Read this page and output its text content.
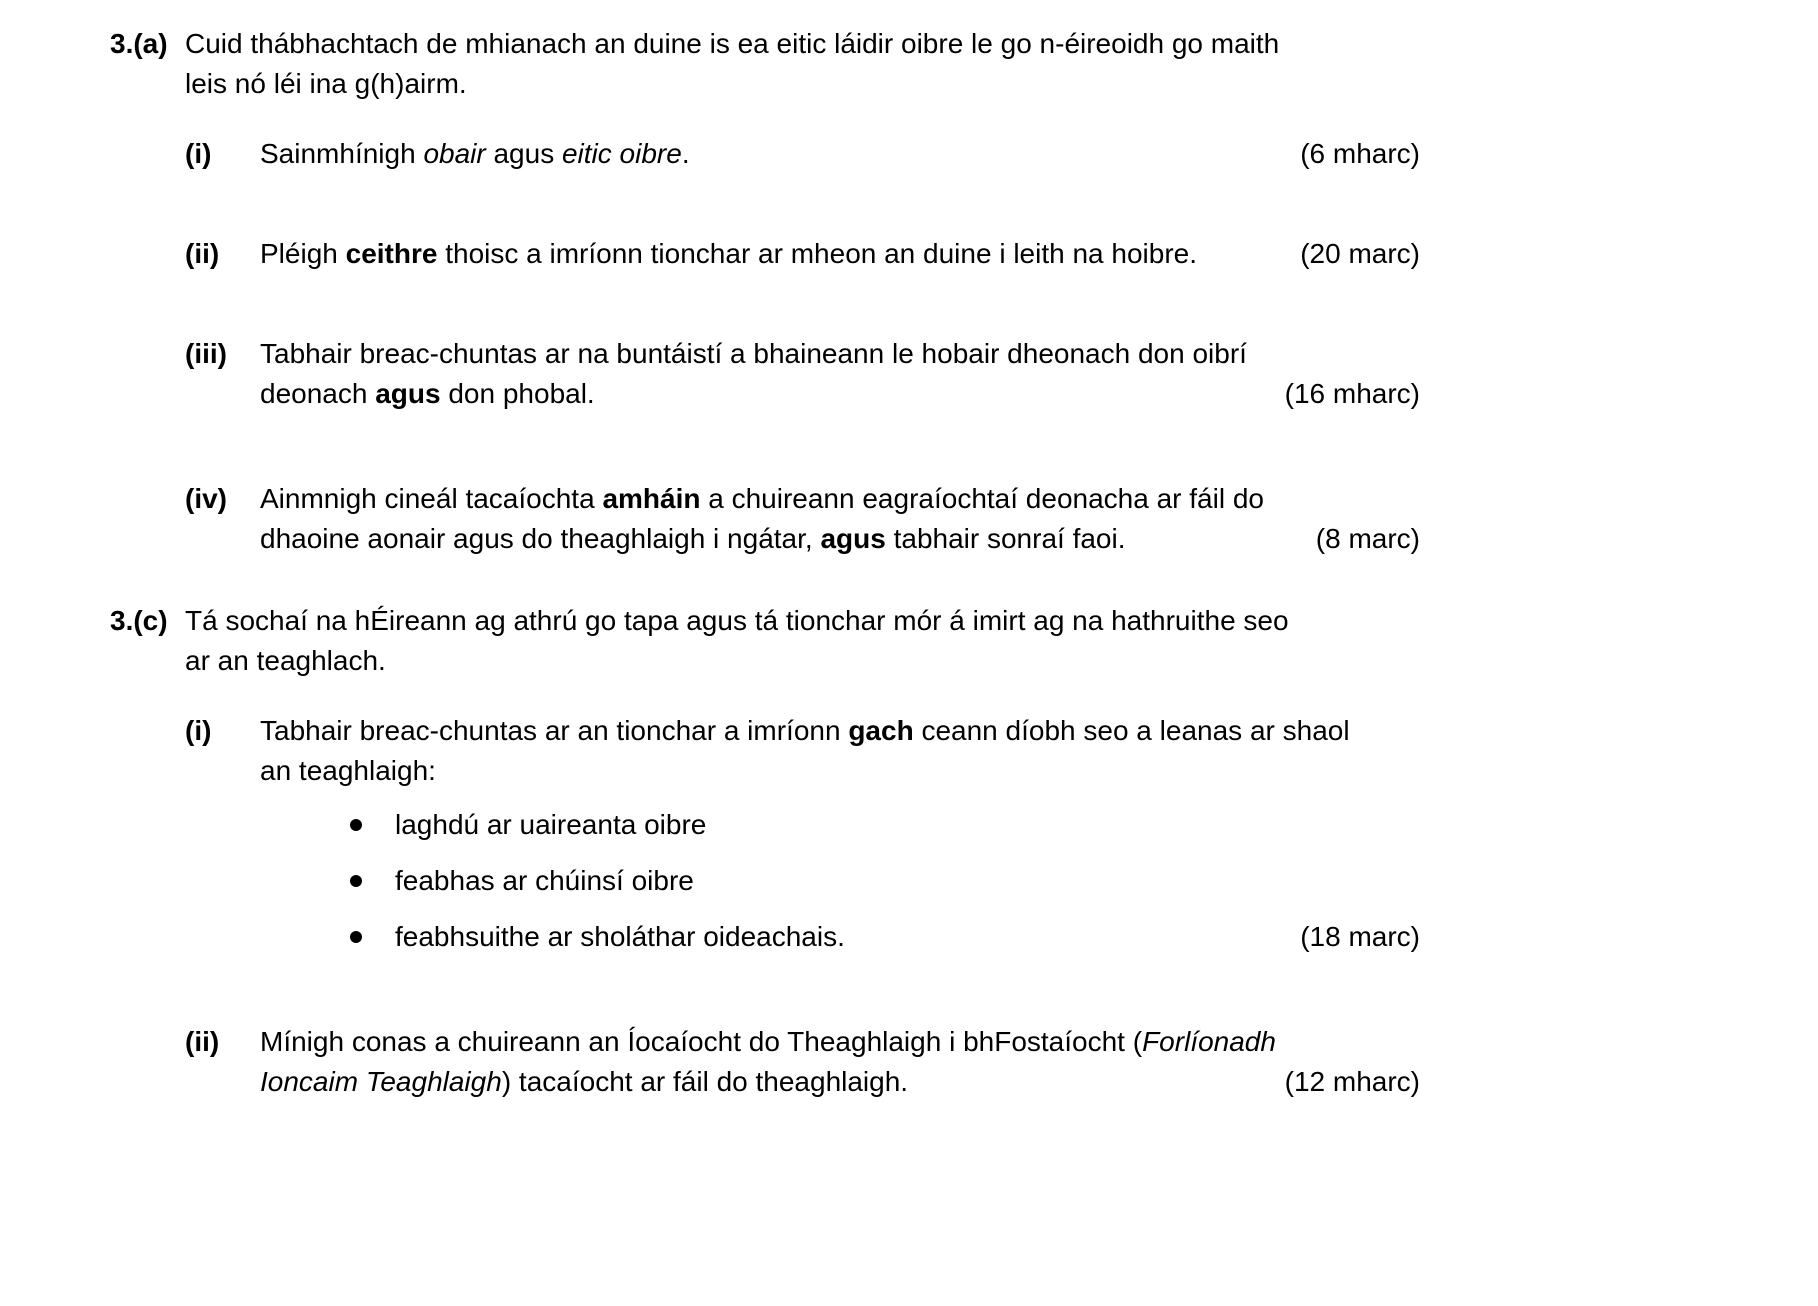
3.(a) Cuid thábhachtach de mhianach an duine is ea eitic láidir oibre le go n-éireoidh go maith
leis nó léi ina g(h)airm.
(i)	Sainmhínigh obair agus eitic oibre.	(6 mharc)
(ii)	Pléigh ceithre thoisc a imríonn tionchar ar mheon an duine i leith na hoibre.	(20 marc)
(iii)	Tabhair breac-chuntas ar na buntáistí a bhaineann le hobair dheonach don oibrí
deonach agus don phobal.	(16 mharc)
(iv)	Ainmnigh cineál tacaíochta amháin a chuireann eagraíochtaí deonacha ar fáil do
dhaoine aonair agus do theaghlaigh i ngátar, agus tabhair sonraí faoi.	(8 marc)
3.(c) Tá sochaí na hÉireann ag athrú go tapa agus tá tionchar mór á imirt ag na hathruithe seo
ar an teaghlach.
(i)	Tabhair breac-chuntas ar an tionchar a imríonn gach ceann díobh seo a leanas ar shaol
an teaghlaigh:
laghdú ar uaireanta oibre
feabhas ar chúinsí oibre
feabhsuithe ar sholáthar oideachais.	(18 marc)
(ii)	Mínigh conas a chuireann an Íocaíocht do Theaghlaigh i bhFostaíocht (Forlíonadh
Ioncaim Teaghlaigh) tacaíocht ar fáil do theaghlaigh.	(12 mharc)
